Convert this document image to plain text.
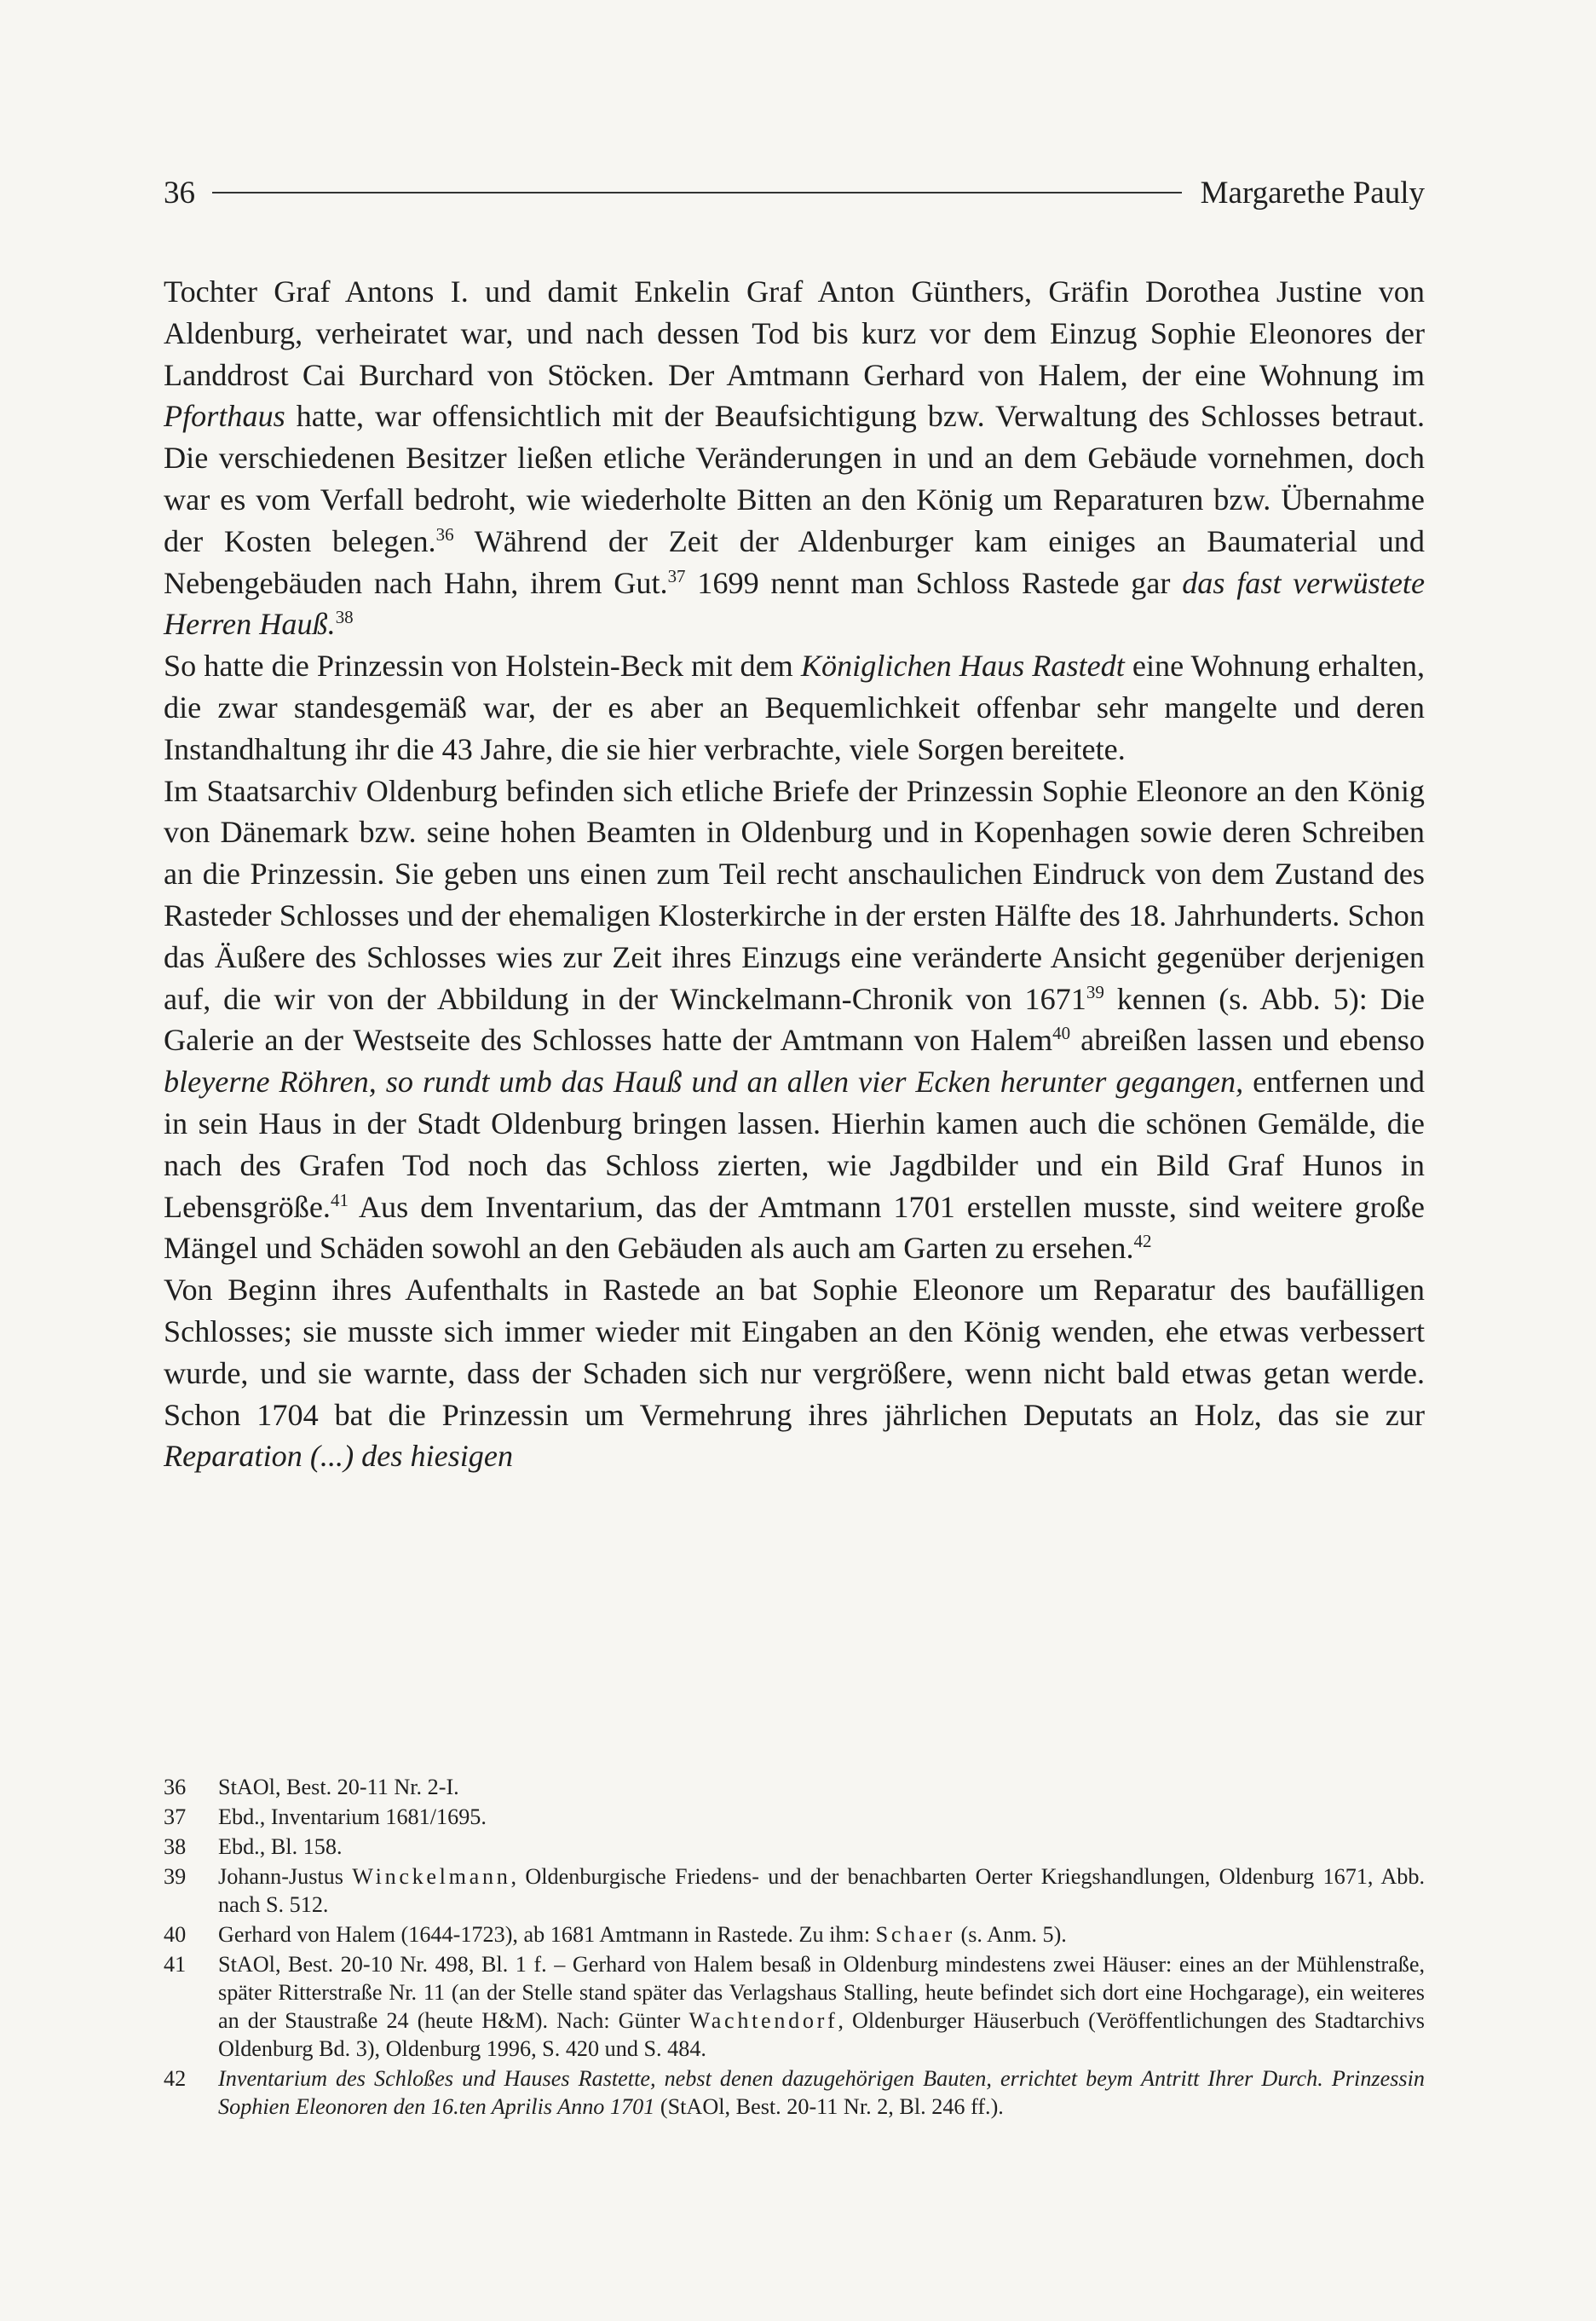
36	Margarethe Pauly

Tochter Graf Antons I. und damit Enkelin Graf Anton Günthers, Gräfin Dorothea Justine von Aldenburg, verheiratet war, und nach dessen Tod bis kurz vor dem Einzug Sophie Eleonores der Landdrost Cai Burchard von Stöcken. Der Amtmann Gerhard von Halem, der eine Wohnung im Pforthaus hatte, war offensichtlich mit der Beaufsichtigung bzw. Verwaltung des Schlosses betraut. Die verschiedenen Besitzer ließen etliche Veränderungen in und an dem Gebäude vornehmen, doch war es vom Verfall bedroht, wie wiederholte Bitten an den König um Reparaturen bzw. Übernahme der Kosten belegen.$^{36}$ Während der Zeit der Aldenburger kam einiges an Baumaterial und Nebengebäuden nach Hahn, ihrem Gut.$^{37}$ 1699 nennt man Schloss Rastede gar das fast verwüstete Herren Hauß.$^{38}$

So hatte die Prinzessin von Holstein-Beck mit dem Königlichen Haus Rastedt eine Wohnung erhalten, die zwar standesgemäß war, der es aber an Bequemlichkeit offenbar sehr mangelte und deren Instandhaltung ihr die 43 Jahre, die sie hier verbrachte, viele Sorgen bereitete.

Im Staatsarchiv Oldenburg befinden sich etliche Briefe der Prinzessin Sophie Eleonore an den König von Dänemark bzw. seine hohen Beamten in Oldenburg und in Kopenhagen sowie deren Schreiben an die Prinzessin. Sie geben uns einen zum Teil recht anschaulichen Eindruck von dem Zustand des Rasteder Schlosses und der ehemaligen Klosterkirche in der ersten Hälfte des 18. Jahrhunderts. Schon das Äußere des Schlosses wies zur Zeit ihres Einzugs eine veränderte Ansicht gegenüber derjenigen auf, die wir von der Abbildung in der Winckelmann-Chronik von 1671$^{39}$ kennen (s. Abb. 5): Die Galerie an der Westseite des Schlosses hatte der Amtmann von Halem$^{40}$ abreißen lassen und ebenso bleyerne Röhren, so rundt umb das Hauß und an allen vier Ecken herunter gegangen, entfernen und in sein Haus in der Stadt Oldenburg bringen lassen. Hierhin kamen auch die schönen Gemälde, die nach des Grafen Tod noch das Schloss zierten, wie Jagdbilder und ein Bild Graf Hunos in Lebensgröße.$^{41}$ Aus dem Inventarium, das der Amtmann 1701 erstellen musste, sind weitere große Mängel und Schäden sowohl an den Gebäuden als auch am Garten zu ersehen.$^{42}$

Von Beginn ihres Aufenthalts in Rastede an bat Sophie Eleonore um Reparatur des baufälligen Schlosses; sie musste sich immer wieder mit Eingaben an den König wenden, ehe etwas verbessert wurde, und sie warnte, dass der Schaden sich nur vergrößere, wenn nicht bald etwas getan werde. Schon 1704 bat die Prinzessin um Vermehrung ihres jährlichen Deputats an Holz, das sie zur Reparation (...) des hiesigen

36	StAOl, Best. 20-11 Nr. 2-I.
37	Ebd., Inventarium 1681/1695.
38	Ebd., Bl. 158.
39	Johann-Justus Winckelmann, Oldenburgische Friedens- und der benachbarten Oerter Kriegshandlungen, Oldenburg 1671, Abb. nach S. 512.
40	Gerhard von Halem (1644-1723), ab 1681 Amtmann in Rastede. Zu ihm: Schaer (s. Anm. 5).
41	StAOl, Best. 20-10 Nr. 498, Bl. 1 f. – Gerhard von Halem besaß in Oldenburg mindestens zwei Häuser: eines an der Mühlenstraße, später Ritterstraße Nr. 11 (an der Stelle stand später das Verlagshaus Stalling, heute befindet sich dort eine Hochgarage), ein weiteres an der Staustraße 24 (heute H&M). Nach: Günter Wachtendorf, Oldenburger Häuserbuch (Veröffentlichungen des Stadtarchivs Oldenburg Bd. 3), Oldenburg 1996, S. 420 und S. 484.
42	Inventarium des Schloßes und Hauses Rastette, nebst denen dazugehörigen Bauten, errichtet beym Antritt Ihrer Durch. Prinzessin Sophien Eleonoren den 16.ten Aprilis Anno 1701 (StAOl, Best. 20-11 Nr. 2, Bl. 246 ff.).
